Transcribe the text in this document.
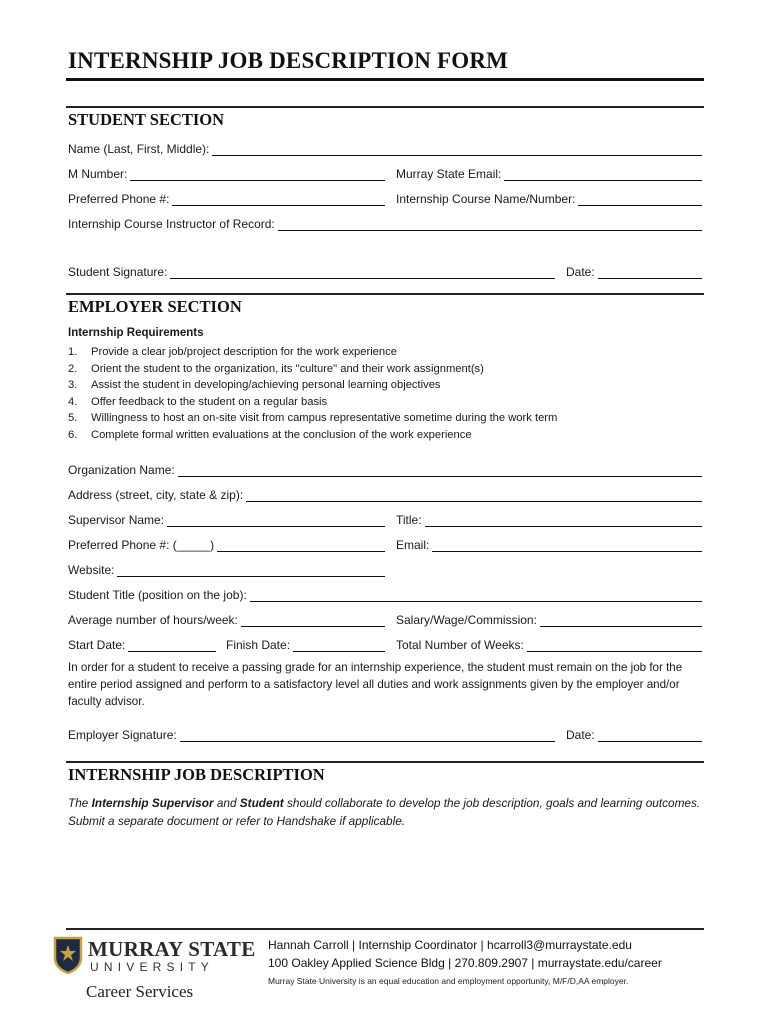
INTERNSHIP JOB DESCRIPTION FORM
STUDENT SECTION
Name (Last, First, Middle):
M Number:	Murray State Email:
Preferred Phone #:	Internship Course Name/Number:
Internship Course Instructor of Record:
Student Signature:	Date:
EMPLOYER SECTION
Internship Requirements
1.	Provide a clear job/project description for the work experience
2.	Orient the student to the organization, its "culture" and their work assignment(s)
3.	Assist the student in developing/achieving personal learning objectives
4.	Offer feedback to the student on a regular basis
5.	Willingness to host an on-site visit from campus representative sometime during the work term
6.	Complete formal written evaluations at the conclusion of the work experience
Organization Name:
Address (street, city, state & zip):
Supervisor Name:	Title:
Preferred Phone #: (_____)	Email:
Website:
Student Title (position on the job):
Average number of hours/week:	Salary/Wage/Commission:
Start Date:	Finish Date:	Total Number of Weeks:
In order for a student to receive a passing grade for an internship experience, the student must remain on the job for the entire period assigned and perform to a satisfactory level all duties and work assignments given by the employer and/or faculty advisor.
Employer Signature:	Date:
INTERNSHIP JOB DESCRIPTION
The Internship Supervisor and Student should collaborate to develop the job description, goals and learning outcomes. Submit a separate document or refer to Handshake if applicable.
MURRAY STATE
UNIVERSITY
Career Services
Hannah Carroll | Internship Coordinator | hcarroll3@murraystate.edu
100 Oakley Applied Science Bldg | 270.809.2907 | murraystate.edu/career
Murray State University is an equal education and employment opportunity, M/F/D,AA employer.
